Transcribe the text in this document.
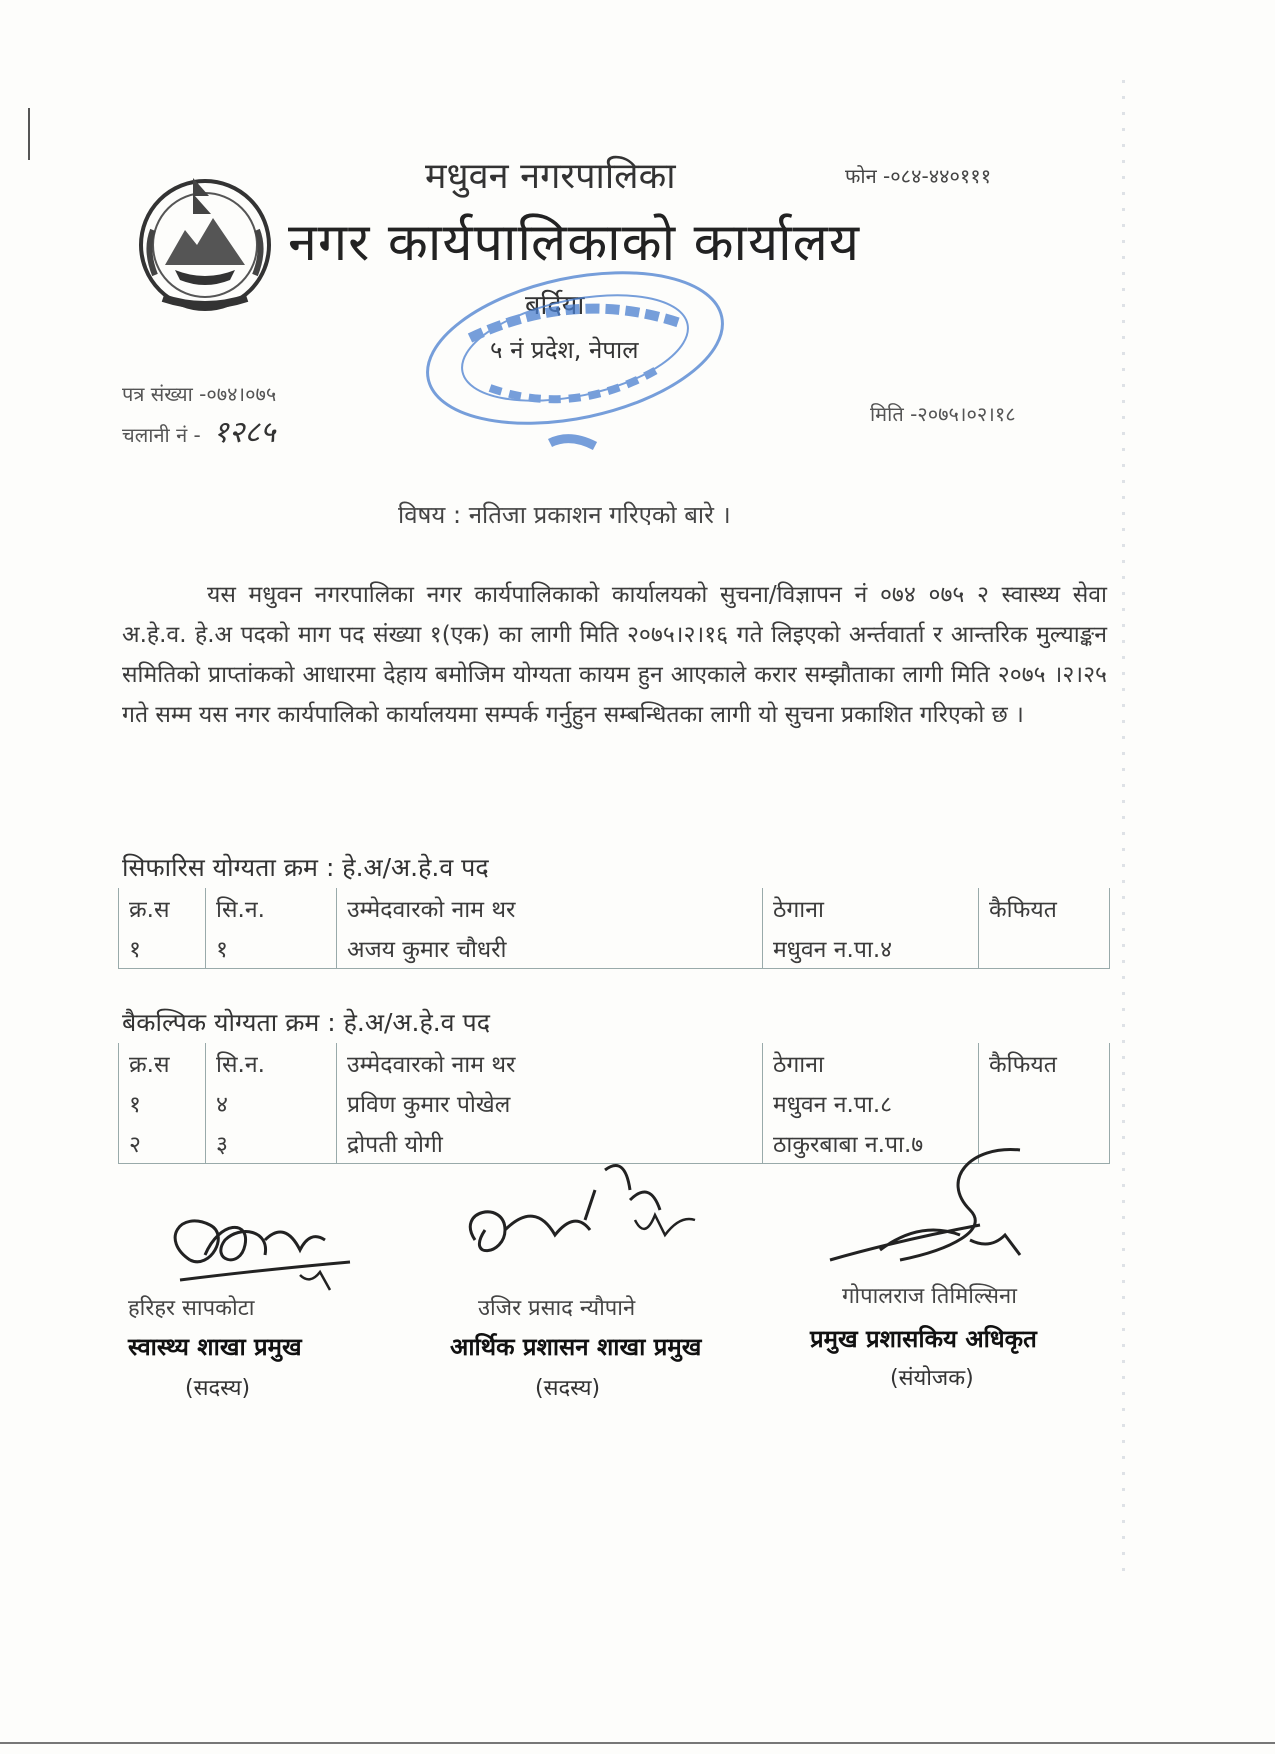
मधुवन नगरपालिका	फोन -०८४-४४०१११
नगर कार्यपालिकाको कार्यालय
बर्दिया
५ नं प्रदेश, नेपाल
पत्र संख्या -०७४।०७५
चलानी नं - १२८५
मिति -२०७५।०२।१८
विषय : नतिजा प्रकाशन गरिएको बारे ।
यस मधुवन नगरपालिका नगर कार्यपालिकाको कार्यालयको सुचना/विज्ञापन नं ०७४ ०७५ २ स्वास्थ्य सेवा अ.हे.व. हे.अ पदको माग पद संख्या १(एक) का लागी मिति २०७५।२।१६ गते लिइएको अर्न्तवार्ता र आन्तरिक मुल्याङ्कन समितिको प्राप्तांकको आधारमा देहाय बमोजिम योग्यता कायम हुन आएकाले करार सम्झौताका लागी मिति २०७५ ।२।२५ गते सम्म यस नगर कार्यपालिको कार्यालयमा सम्पर्क गर्नुहुन सम्बन्धितका लागी यो सुचना प्रकाशित गरिएको छ ।
सिफारिस योग्यता क्रम : हे.अ/अ.हे.व पद
क्र.स	सि.न.	उम्मेदवारको नाम थर	ठेगाना	कैफियत
१	१	अजय कुमार चौधरी	मधुवन न.पा.४	
बैकल्पिक योग्यता क्रम : हे.अ/अ.हे.व पद
क्र.स	सि.न.	उम्मेदवारको नाम थर	ठेगाना	कैफियत
१	४	प्रविण कुमार पोखेल	मधुवन न.पा.८	
२	३	द्रोपती योगी	ठाकुरबाबा न.पा.७	
हरिहर सापकोटा
स्वास्थ्य शाखा प्रमुख
(सदस्य)
उजिर प्रसाद न्यौपाने
आर्थिक प्रशासन शाखा प्रमुख
(सदस्य)
गोपालराज तिमिल्सिना
प्रमुख प्रशासकिय अधिकृत
(संयोजक)
